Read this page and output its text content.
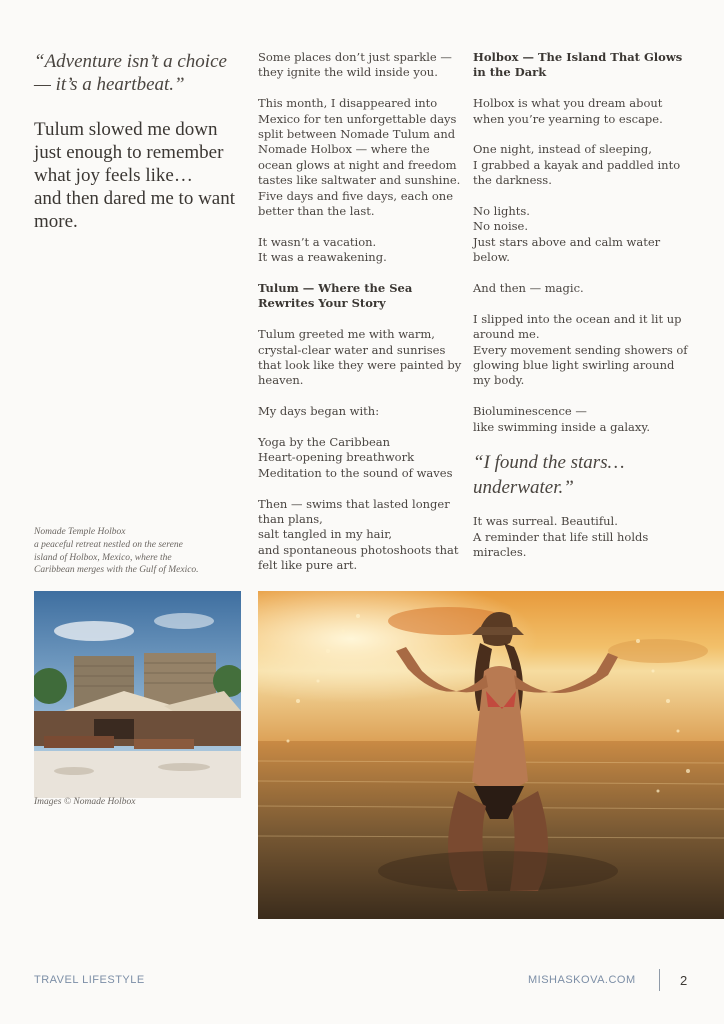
“Adventure isn’t a choice — it’s a heartbeat.”
Tulum slowed me down just enough to remember what joy feels like…
and then dared me to want more.

Some places don’t just sparkle — they ignite the wild inside you.

This month, I disappeared into Mexico for ten unforgettable days split between Nomade Tulum and Nomade Holbox — where the ocean glows at night and freedom tastes like saltwater and sunshine. Five days and five days, each one better than the last.

It wasn’t a vacation.
It was a reawakening.

Tulum — Where the Sea Rewrites Your Story

Tulum greeted me with warm, crystal-clear water and sunrises that look like they were painted by heaven.

My days began with:

Yoga by the Caribbean
Heart-opening breathwork
Meditation to the sound of waves

Then — swims that lasted longer than plans,
salt tangled in my hair,
and spontaneous photoshoots that felt like pure art.

Holbox — The Island That Glows in the Dark

Holbox is what you dream about when you’re yearning to escape.

One night, instead of sleeping,
I grabbed a kayak and paddled into the darkness.

No lights.
No noise.
Just stars above and calm water below.

And then — magic.

I slipped into the ocean and it lit up around me.
Every movement sending showers of glowing blue light swirling around my body.

Bioluminescence —
like swimming inside a galaxy.

“I found the stars… underwater.”

It was surreal. Beautiful.
A reminder that life still holds miracles.

Nomade Temple Holbox
a peaceful retreat nestled on the serene island of Holbox, Mexico, where the Caribbean merges with the Gulf of Mexico.
Images © Nomade Holbox
TRAVEL LIFESTYLE	MISHASKOVA.COM	2
